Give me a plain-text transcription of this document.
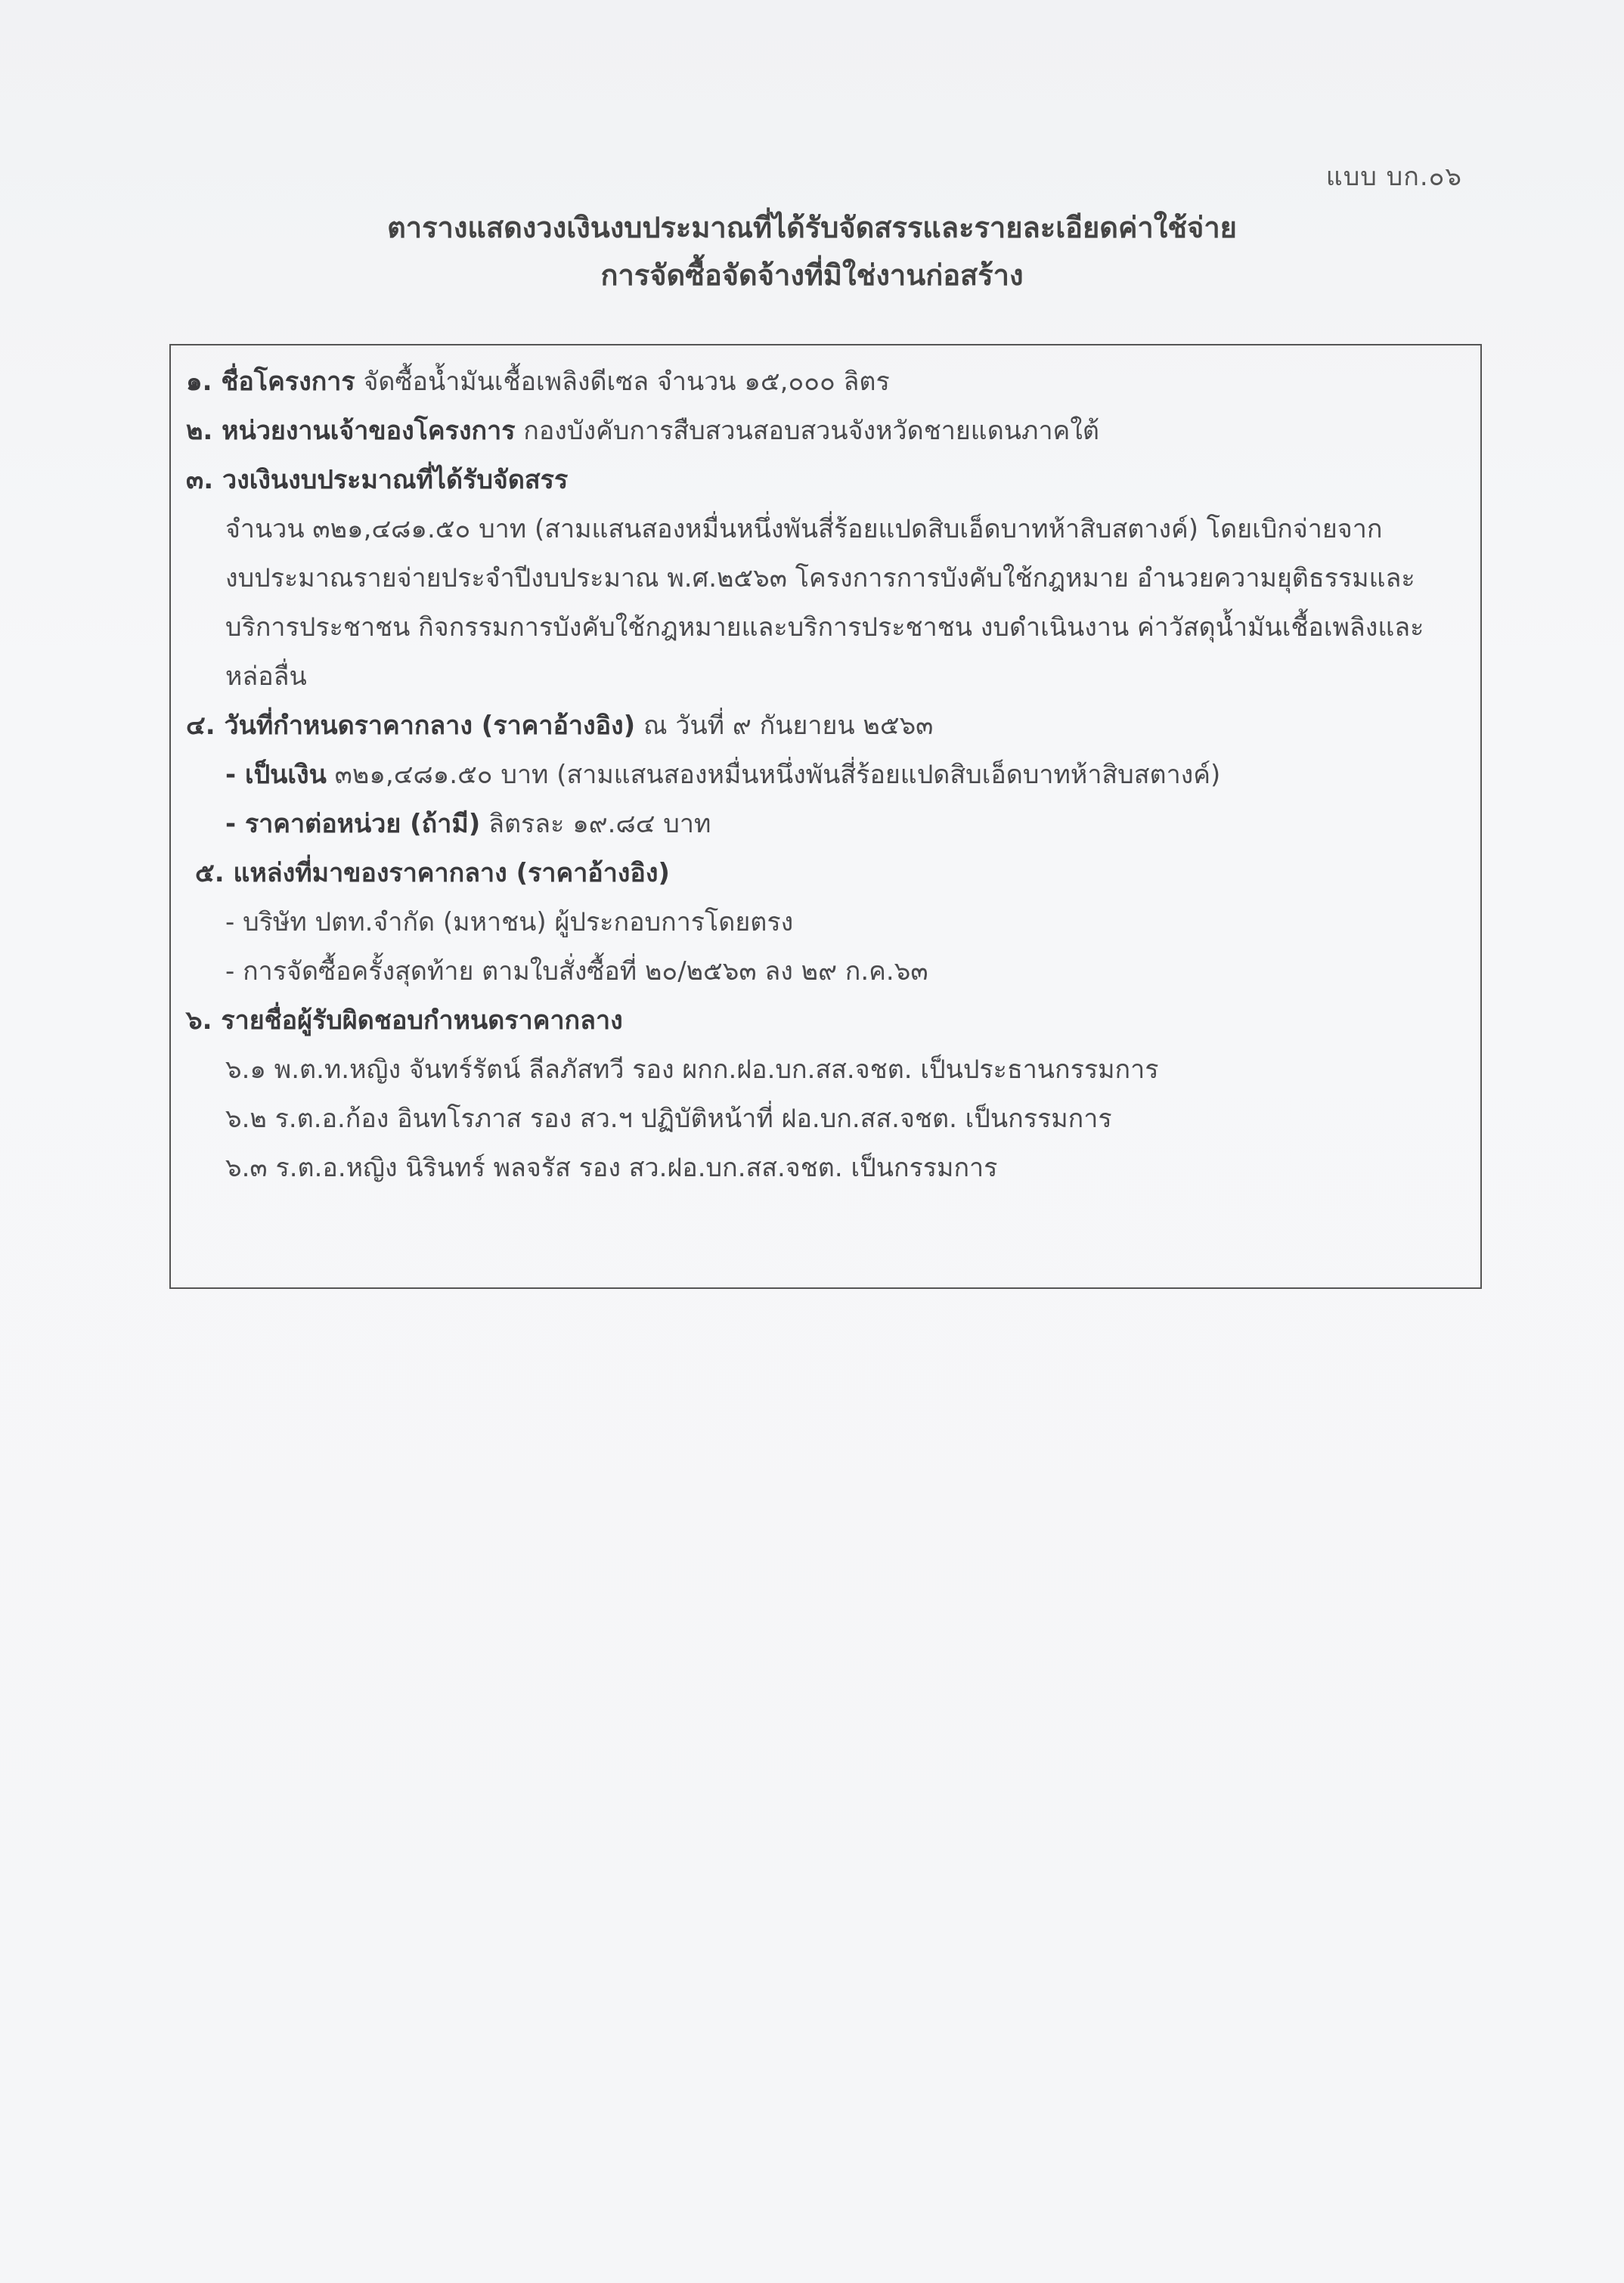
แบบ บก.๐๖
ตารางแสดงวงเงินงบประมาณที่ได้รับจัดสรรและรายละเอียดค่าใช้จ่าย
การจัดซื้อจัดจ้างที่มิใช่งานก่อสร้าง
๑. ชื่อโครงการ จัดซื้อน้ำมันเชื้อเพลิงดีเซล จำนวน ๑๕,๐๐๐ ลิตร
๒. หน่วยงานเจ้าของโครงการ กองบังคับการสืบสวนสอบสวนจังหวัดชายแดนภาคใต้
๓. วงเงินงบประมาณที่ได้รับจัดสรร
จำนวน ๓๒๑,๔๘๑.๕๐ บาท (สามแสนสองหมื่นหนึ่งพันสี่ร้อยแปดสิบเอ็ดบาทห้าสิบสตางค์) โดยเบิกจ่ายจาก
งบประมาณรายจ่ายประจำปีงบประมาณ พ.ศ.๒๕๖๓ โครงการการบังคับใช้กฎหมาย อำนวยความยุติธรรมและ
บริการประชาชน กิจกรรมการบังคับใช้กฎหมายและบริการประชาชน งบดำเนินงาน ค่าวัสดุน้ำมันเชื้อเพลิงและ
หล่อลื่น
๔. วันที่กำหนดราคากลาง (ราคาอ้างอิง) ณ วันที่ ๙ กันยายน ๒๕๖๓
- เป็นเงิน ๓๒๑,๔๘๑.๕๐ บาท (สามแสนสองหมื่นหนึ่งพันสี่ร้อยแปดสิบเอ็ดบาทห้าสิบสตางค์)
- ราคาต่อหน่วย (ถ้ามี) ลิตรละ ๑๙.๘๔ บาท
๕. แหล่งที่มาของราคากลาง (ราคาอ้างอิง)
- บริษัท ปตท.จำกัด (มหาชน) ผู้ประกอบการโดยตรง
- การจัดซื้อครั้งสุดท้าย ตามใบสั่งซื้อที่ ๒๐/๒๕๖๓ ลง ๒๙ ก.ค.๖๓
๖. รายชื่อผู้รับผิดชอบกำหนดราคากลาง
๖.๑ พ.ต.ท.หญิง จันทร์รัตน์ ลีลภัสทวี รอง ผกก.ฝอ.บก.สส.จชต. เป็นประธานกรรมการ
๖.๒ ร.ต.อ.ก้อง อินทโรภาส รอง สว.ฯ ปฏิบัติหน้าที่ ฝอ.บก.สส.จชต. เป็นกรรมการ
๖.๓ ร.ต.อ.หญิง นิรินทร์ พลจรัส รอง สว.ฝอ.บก.สส.จชต. เป็นกรรมการ
